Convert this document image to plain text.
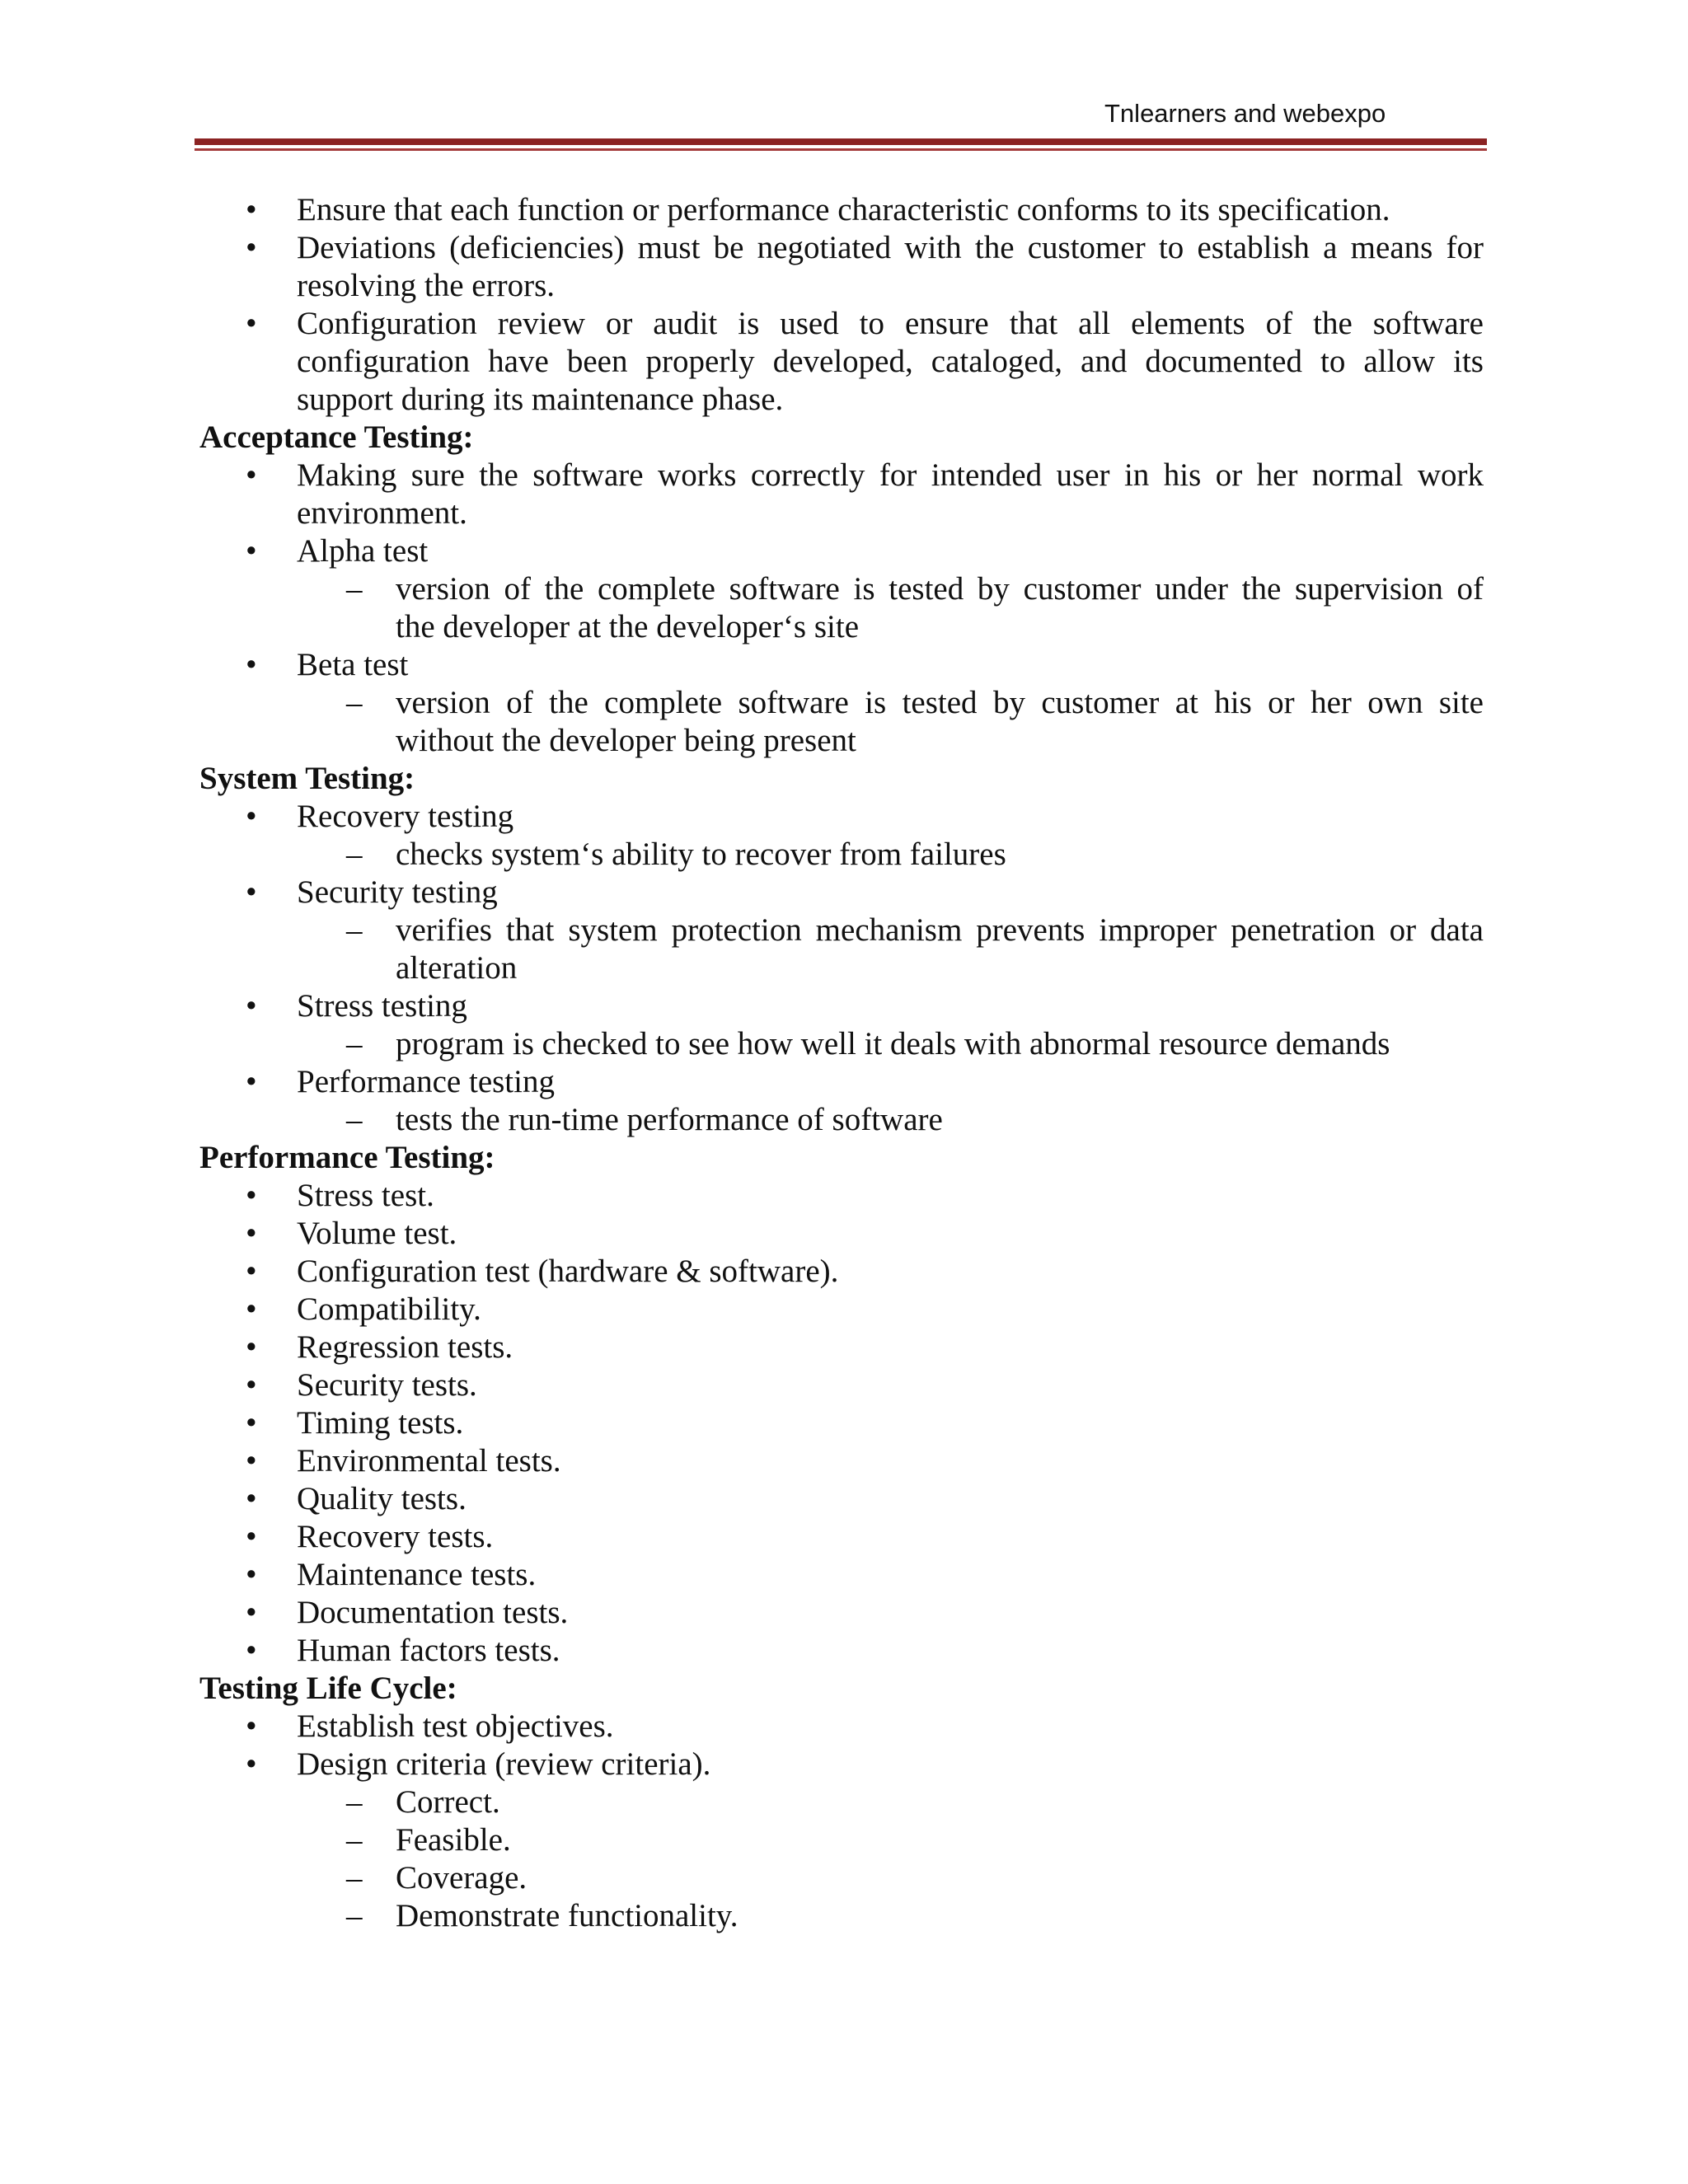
Tnlearners and webexpo
• Ensure that each function or performance characteristic conforms to its specification.
• Deviations (deficiencies) must be negotiated with the customer to establish a means for
resolving the errors.
• Configuration review or audit is used to ensure that all elements of the software
configuration have been properly developed, cataloged, and documented to allow its
support during its maintenance phase.
Acceptance Testing:
• Making sure the software works correctly for intended user in his or her normal work
environment.
• Alpha test
– version of the complete software is tested by customer under the supervision of
the developer at the developer‘s site
• Beta test
– version of the complete software is tested by customer at his or her own site
without the developer being present
System Testing:
• Recovery testing
– checks system‘s ability to recover from failures
• Security testing
– verifies that system protection mechanism prevents improper penetration or data
alteration
• Stress testing
– program is checked to see how well it deals with abnormal resource demands
• Performance testing
– tests the run-time performance of software
Performance Testing:
• Stress test.
• Volume test.
• Configuration test (hardware & software).
• Compatibility.
• Regression tests.
• Security tests.
• Timing tests.
• Environmental tests.
• Quality tests.
• Recovery tests.
• Maintenance tests.
• Documentation tests.
• Human factors tests.
Testing Life Cycle:
• Establish test objectives.
• Design criteria (review criteria).
– Correct.
– Feasible.
– Coverage.
– Demonstrate functionality.
